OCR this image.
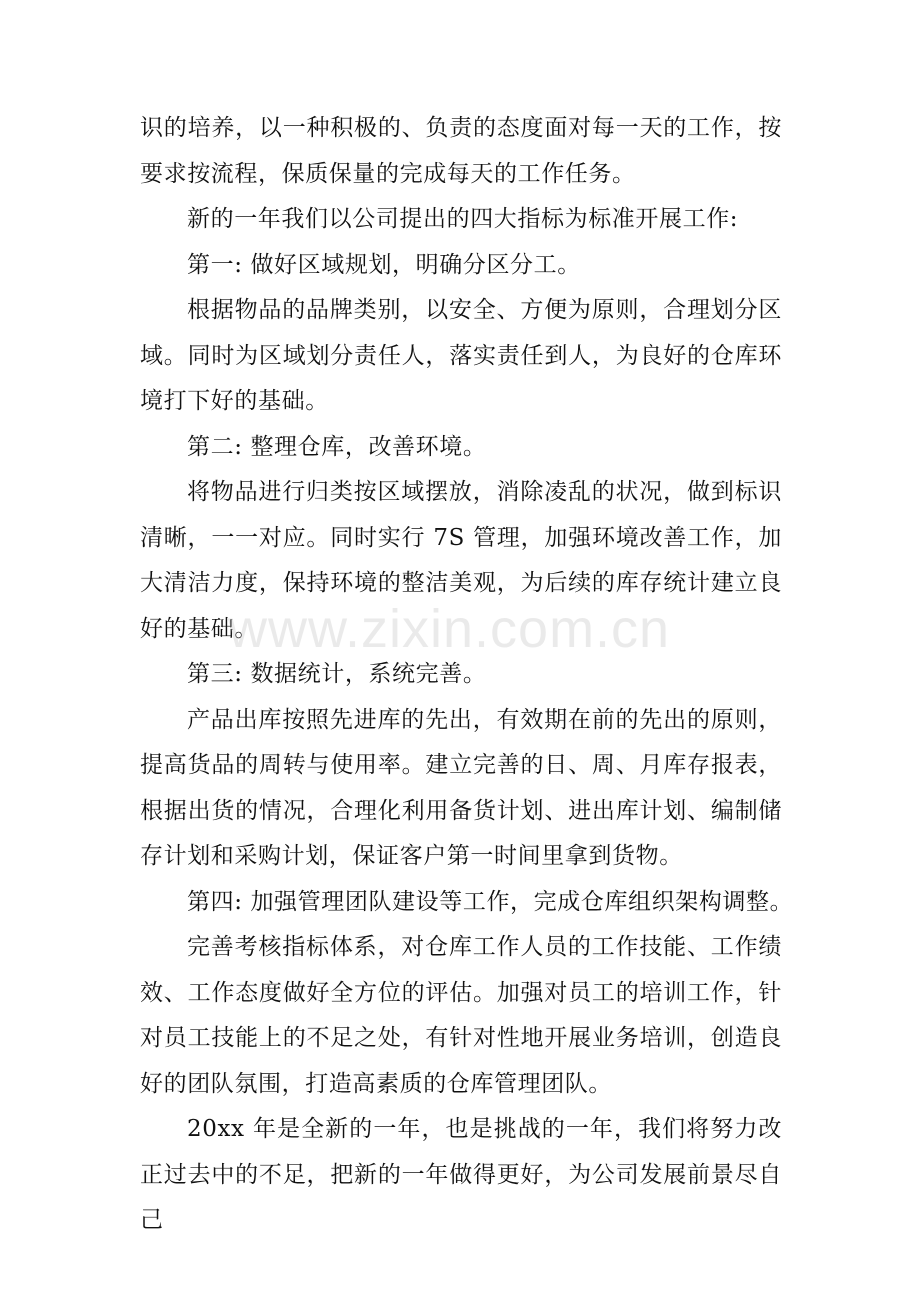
识的培养，以一种积极的、负责的态度面对每一天的工作，按要求按流程，保质保量的完成每天的工作任务。

新的一年我们以公司提出的四大指标为标准开展工作:

第一: 做好区域规划，明确分区分工。

根据物品的品牌类别，以安全、方便为原则，合理划分区域。同时为区域划分责任人，落实责任到人，为良好的仓库环境打下好的基础。

第二: 整理仓库，改善环境。

将物品进行归类按区域摆放，消除凌乱的状况，做到标识清晰，一一对应。同时实行 7S 管理，加强环境改善工作，加大清洁力度，保持环境的整洁美观，为后续的库存统计建立良好的基础。

第三: 数据统计，系统完善。

产品出库按照先进库的先出，有效期在前的先出的原则，提高货品的周转与使用率。建立完善的日、周、月库存报表，根据出货的情况，合理化利用备货计划、进出库计划、编制储存计划和采购计划，保证客户第一时间里拿到货物。

第四: 加强管理团队建设等工作，完成仓库组织架构调整。

完善考核指标体系，对仓库工作人员的工作技能、工作绩效、工作态度做好全方位的评估。加强对员工的培训工作，针对员工技能上的不足之处，有针对性地开展业务培训，创造良好的团队氛围，打造高素质的仓库管理团队。

20xx 年是全新的一年，也是挑战的一年，我们将努力改正过去中的不足，把新的一年做得更好，为公司发展前景尽自己

www.zixin.com.cn
